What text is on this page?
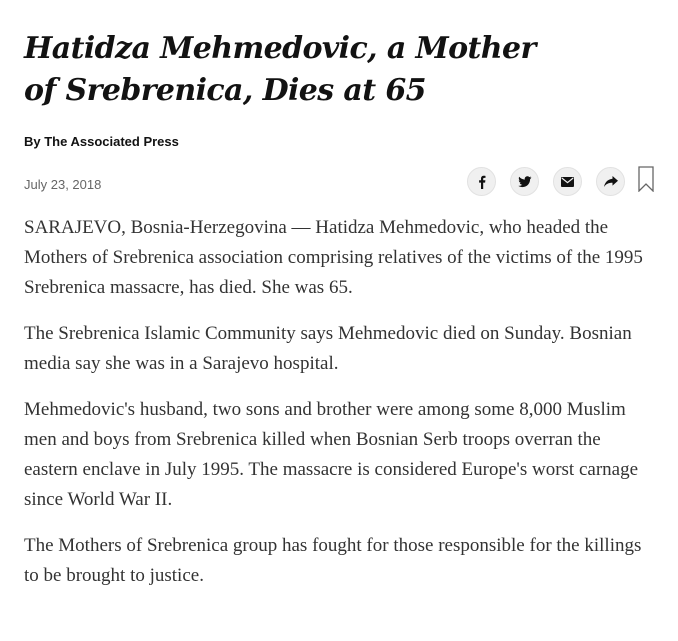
Hatidza Mehmedovic, a Mother
of Srebrenica, Dies at 65
By The Associated Press
July 23, 2018

SARAJEVO, Bosnia-Herzegovina — Hatidza Mehmedovic, who headed the Mothers of Srebrenica association comprising relatives of the victims of the 1995 Srebrenica massacre, has died. She was 65.

The Srebrenica Islamic Community says Mehmedovic died on Sunday. Bosnian media say she was in a Sarajevo hospital.

Mehmedovic's husband, two sons and brother were among some 8,000 Muslim men and boys from Srebrenica killed when Bosnian Serb troops overran the eastern enclave in July 1995. The massacre is considered Europe's worst carnage since World War II.

The Mothers of Srebrenica group has fought for those responsible for the killings to be brought to justice.
